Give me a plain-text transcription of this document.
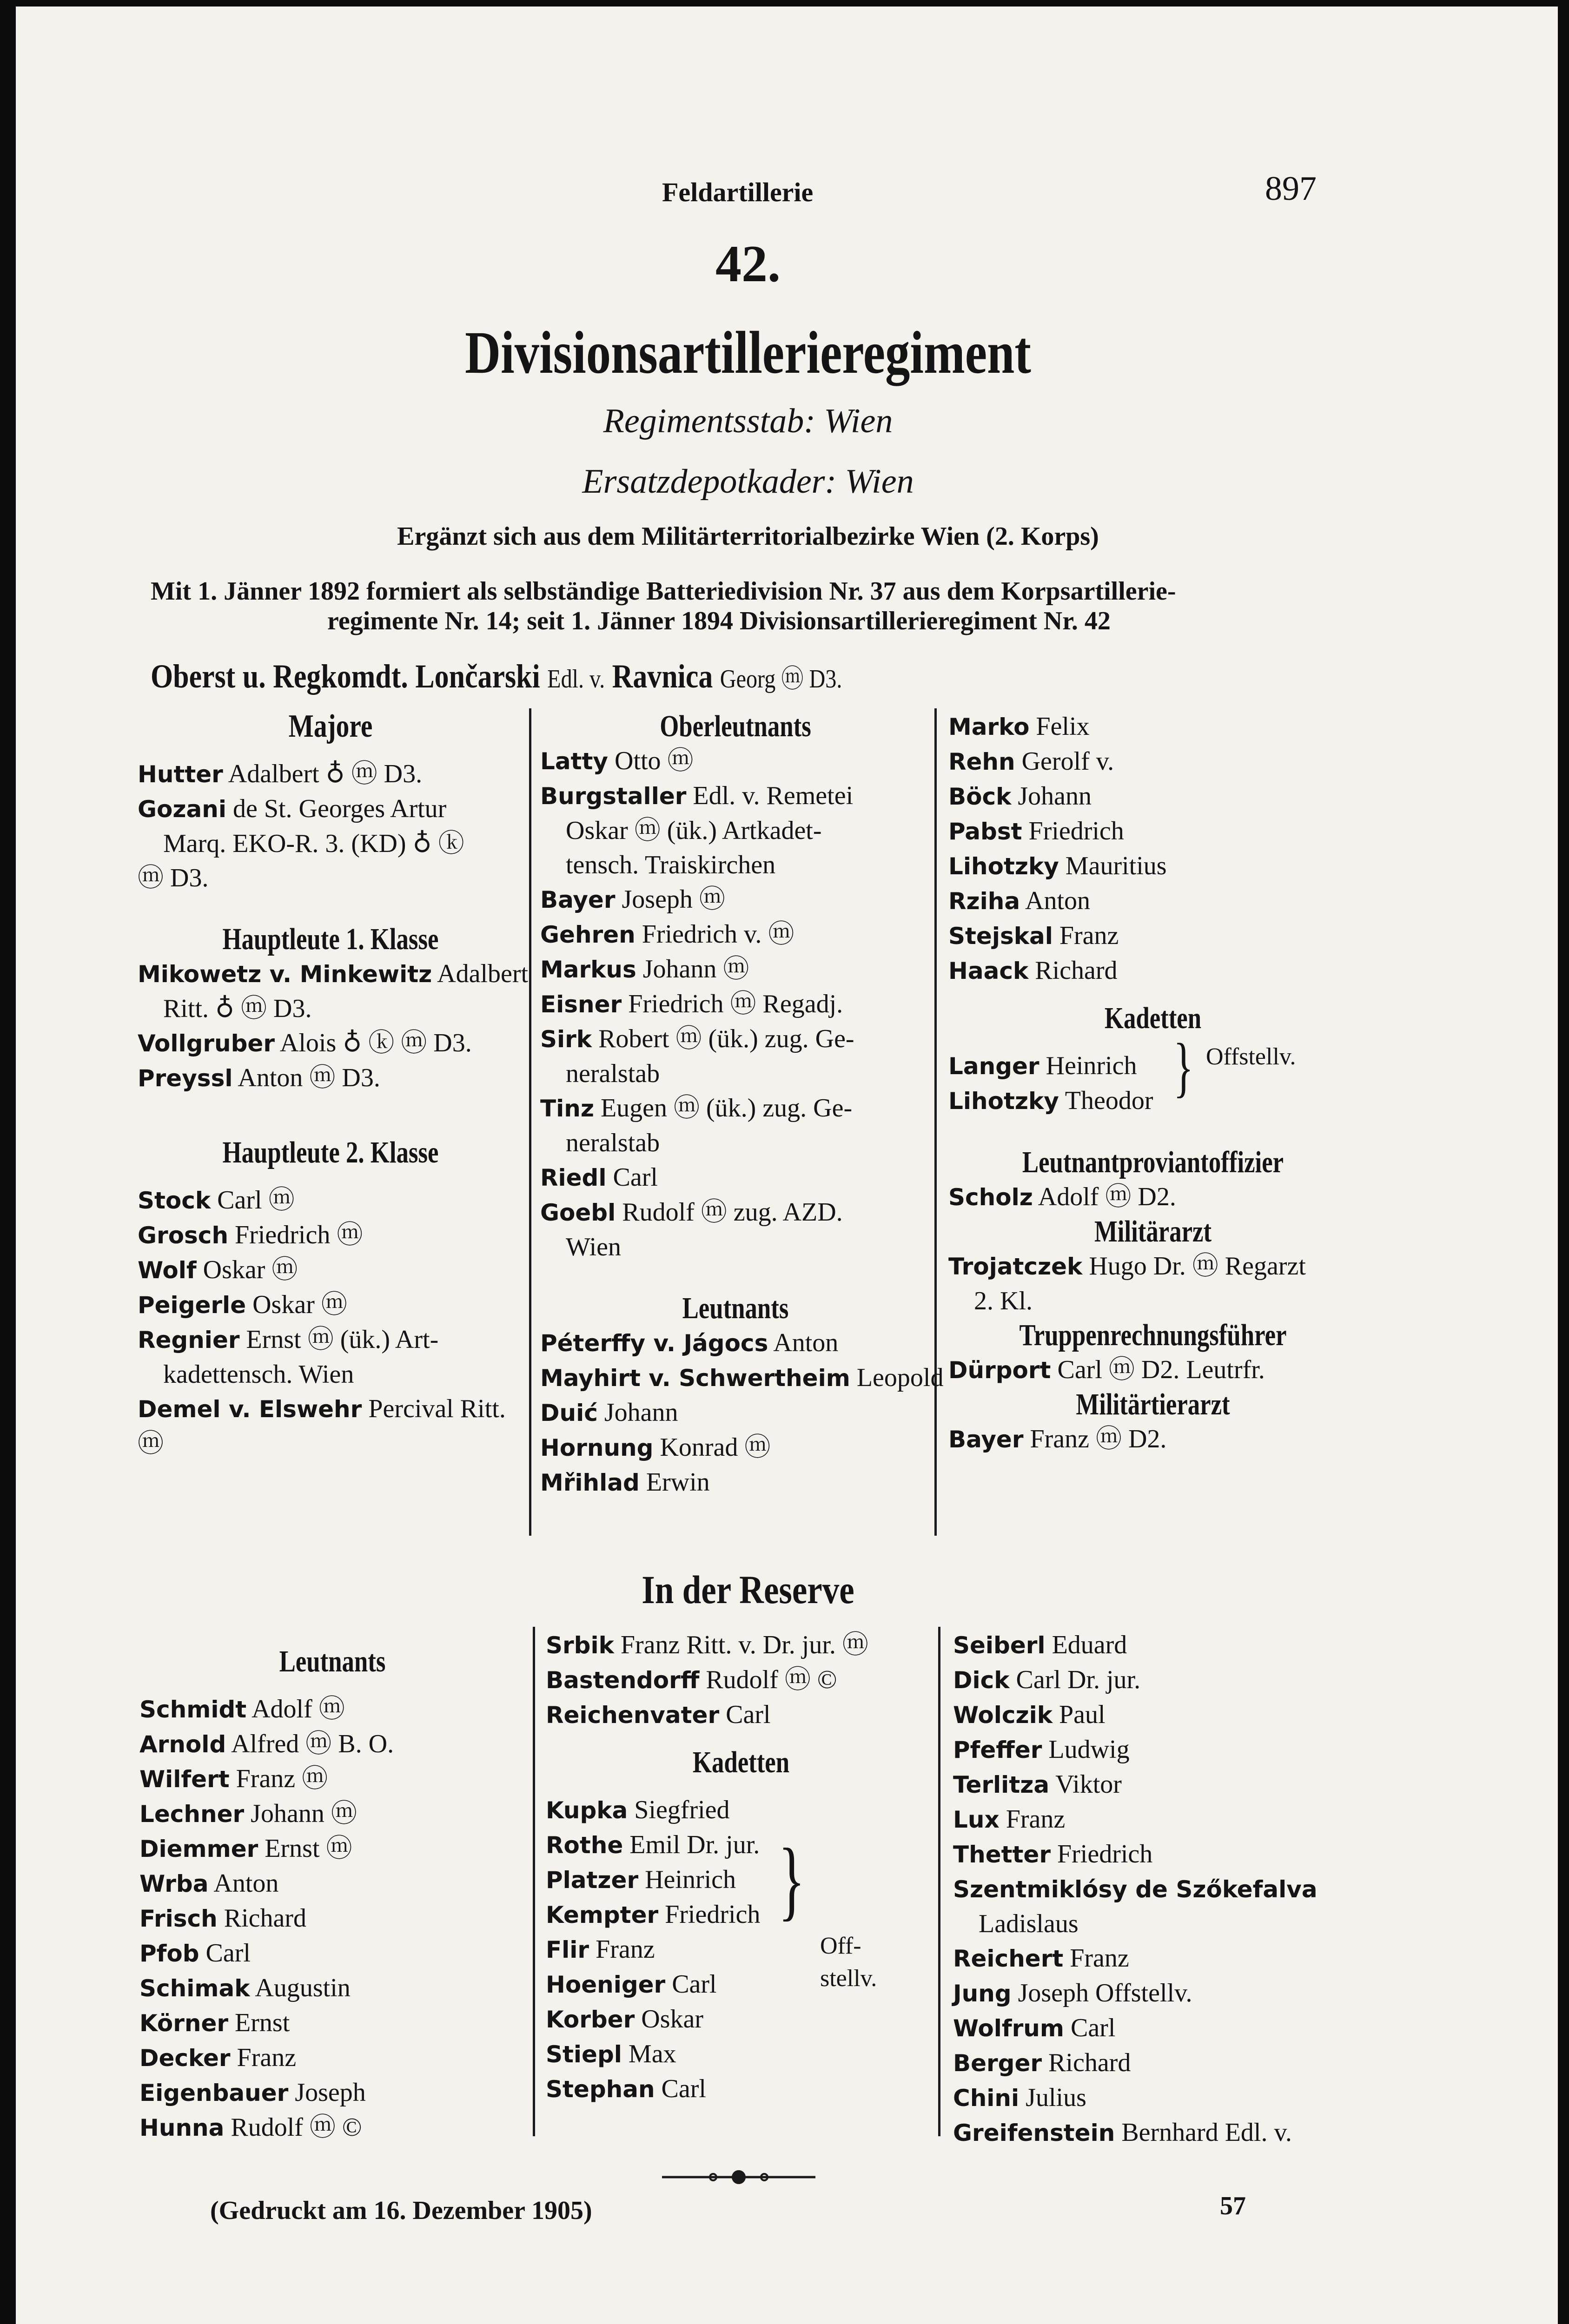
Feldartillerie	897
42.
Divisionsartillerieregiment
Regimentsstab: Wien
Ersatzdepotkader: Wien
Ergänzt sich aus dem Militärterritorialbezirke Wien (2. Korps)
Mit 1. Jänner 1892 formiert als selbständige Batteriedivision Nr. 37 aus dem Korpsartillerie-
regimente Nr. 14; seit 1. Jänner 1894 Divisionsartillerieregiment Nr. 42
Oberst u. Regkomdt. Lončarski Edl. v. Ravnica Georg ⓜ D3.
Majore
Hutter Adalbert ♁ ⓜ D3.
Gozani de St. Georges Artur
Marq. EKO-R. 3. (KD) ♁ ⓚ
ⓜ D3.
Hauptleute 1. Klasse
Mikowetz v. Minkewitz Adalbert
Ritt. ♁ ⓜ D3.
Vollgruber Alois ♁ ⓚ ⓜ D3.
Preyssl Anton ⓜ D3.
Hauptleute 2. Klasse
Stock Carl ⓜ
Grosch Friedrich ⓜ
Wolf Oskar ⓜ
Peigerle Oskar ⓜ
Regnier Ernst ⓜ (ük.) Art-
kadettensch. Wien
Demel v. Elswehr Percival Ritt.
ⓜ
Oberleutnants
Latty Otto ⓜ
Burgstaller Edl. v. Remetei
Oskar ⓜ (ük.) Artkadet-
tensch. Traiskirchen
Bayer Joseph ⓜ
Gehren Friedrich v. ⓜ
Markus Johann ⓜ
Eisner Friedrich ⓜ Regadj.
Sirk Robert ⓜ (ük.) zug. Ge-
neralstab
Tinz Eugen ⓜ (ük.) zug. Ge-
neralstab
Riedl Carl
Goebl Rudolf ⓜ zug. AZD.
Wien
Leutnants
Péterffy v. Jágocs Anton
Mayhirt v. Schwertheim Leopold
Duić Johann
Hornung Konrad ⓜ
Mřihlad Erwin
Marko Felix
Rehn Gerolf v.
Böck Johann
Pabst Friedrich
Lihotzky Mauritius
Rziha Anton
Stejskal Franz
Haack Richard
Kadetten
Langer Heinrich
Lihotzky Theodor
Leutnantproviantoffizier
Scholz Adolf ⓜ D2.
Militärarzt
Trojatczek Hugo Dr. ⓜ Regarzt
2. Kl.
Truppenrechnungsführer
Dürport Carl ⓜ D2. Leutrfr.
Militärtierarzt
Bayer Franz ⓜ D2.
} Offstellv.
In der Reserve
Leutnants
Schmidt Adolf ⓜ
Arnold Alfred ⓜ B. O.
Wilfert Franz ⓜ
Lechner Johann ⓜ
Diemmer Ernst ⓜ
Wrba Anton
Frisch Richard
Pfob Carl
Schimak Augustin
Körner Ernst
Decker Franz
Eigenbauer Joseph
Hunna Rudolf ⓜ ©
Srbik Franz Ritt. v. Dr. jur. ⓜ
Bastendorff Rudolf ⓜ ©
Reichenvater Carl
Kadetten
Kupka Siegfried
Rothe Emil Dr. jur.
Platzer Heinrich
Kempter Friedrich
Flir Franz
Hoeniger Carl
Korber Oskar
Stiepl Max
Stephan Carl
}
Off-
stellv.
Seiberl Eduard
Dick Carl Dr. jur.
Wolczik Paul
Pfeffer Ludwig
Terlitza Viktor
Lux Franz
Thetter Friedrich
Szentmiklósy de Szőkefalva
Ladislaus
Reichert Franz
Jung Joseph Offstellv.
Wolfrum Carl
Berger Richard
Chini Julius
Greifenstein Bernhard Edl. v.
(Gedruckt am 16. Dezember 1905)	57
